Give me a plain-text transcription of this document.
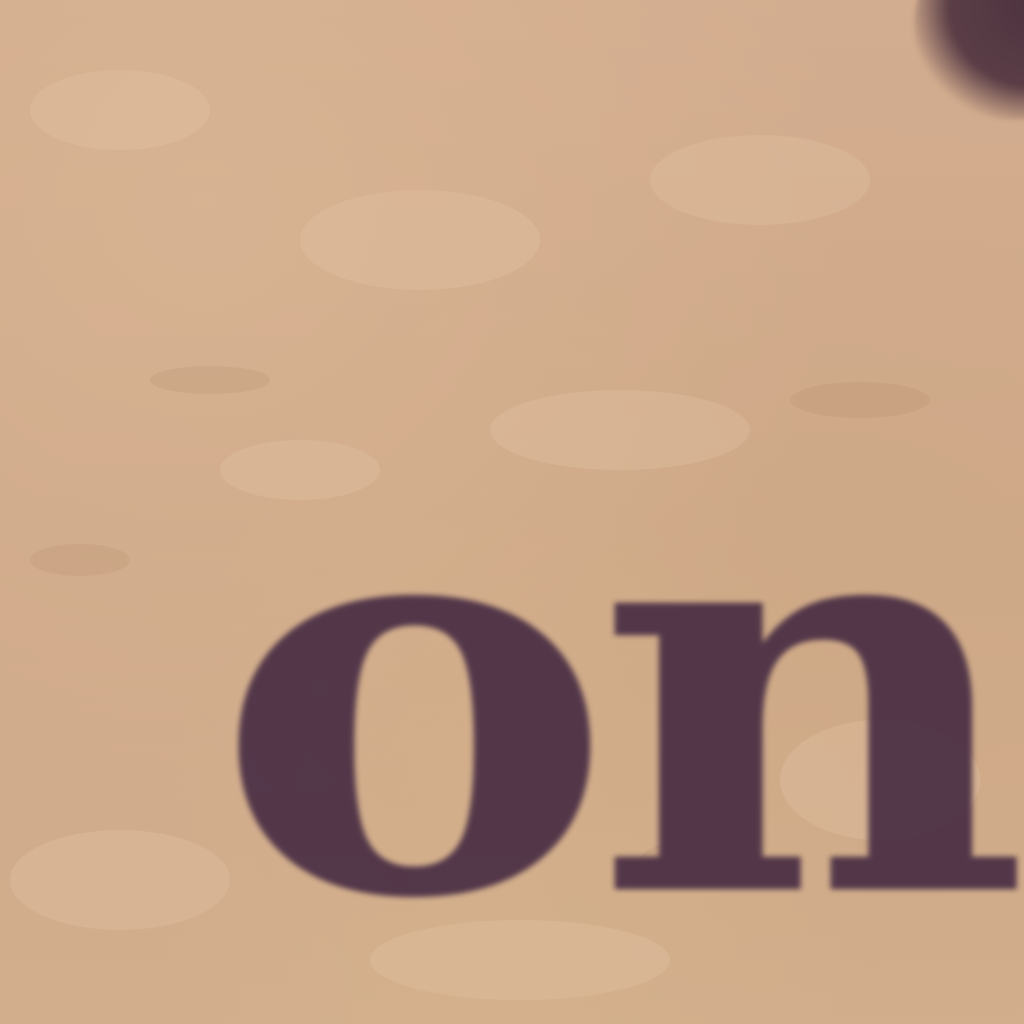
on
